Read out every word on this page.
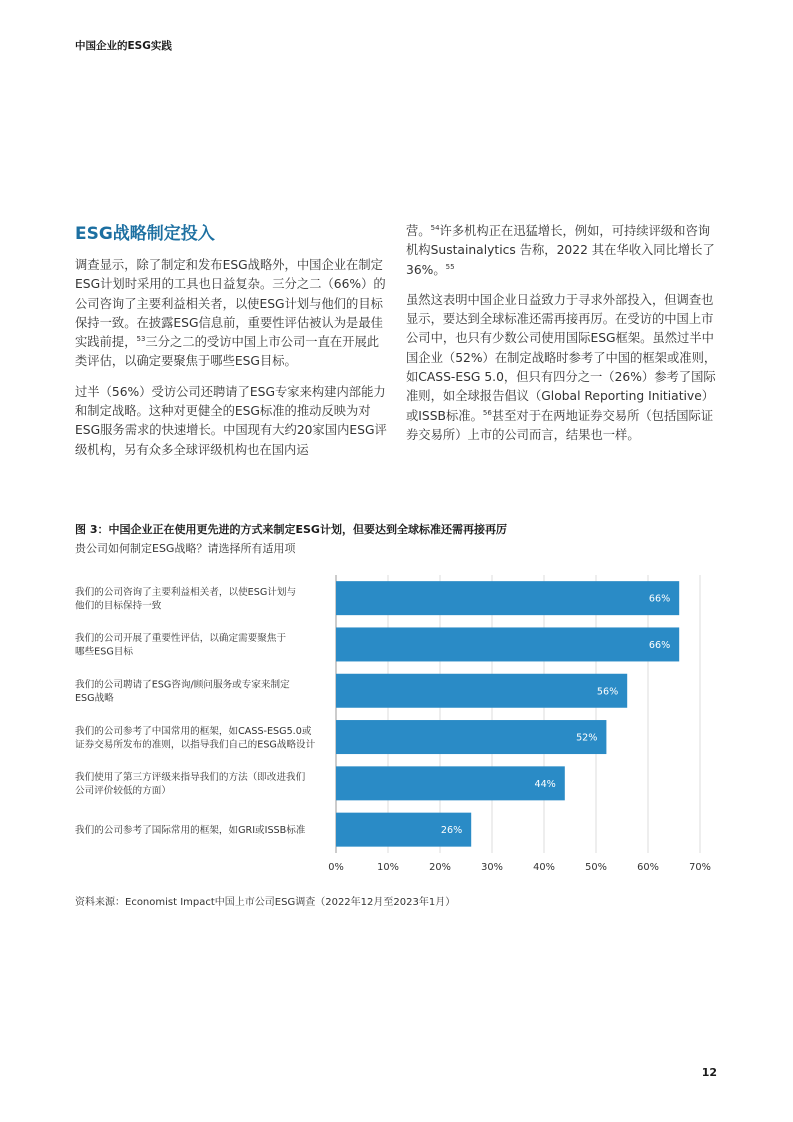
中国企业的ESG实践
ESG战略制定投入

调查显示，除了制定和发布ESG战略外，中国企业在制定ESG计划时采用的工具也日益复杂。三分之二（66%）的公司咨询了主要利益相关者，以使ESG计划与他们的目标保持一致。在披露ESG信息前，重要性评估被认为是最佳实践前提，$^{53}$三分之二的受访中国上市公司一直在开展此类评估，以确定要聚焦于哪些ESG目标。

过半（56%）受访公司还聘请了ESG专家来构建内部能力和制定战略。这种对更健全的ESG标准的推动反映为对ESG服务需求的快速增长。中国现有大约20家国内ESG评级机构，另有众多全球评级机构也在国内运

营。$^{54}$许多机构正在迅猛增长，例如，可持续评级和咨询机构Sustainalytics 告称，2022 其在华收入同比增长了36%。$^{55}$

虽然这表明中国企业日益致力于寻求外部投入，但调查也显示，要达到全球标准还需再接再厉。在受访的中国上市公司中，也只有少数公司使用国际ESG框架。虽然过半中国企业（52%）在制定战略时参考了中国的框架或准则，如CASS-ESG 5.0，但只有四分之一（26%）参考了国际准则，如全球报告倡议（Global Reporting Initiative）或ISSB标准。$^{56}$甚至对于在两地证券交易所（包括国际证券交易所）上市的公司而言，结果也一样。

图 3：中国企业正在使用更先进的方式来制定ESG计划，但要达到全球标准还需再接再厉
贵公司如何制定ESG战略？请选择所有适用项
66%
66%
56%
52%
44%
26%
我们的公司咨询了主要利益相关者，以使ESG计划与他们的目标保持一致
我们的公司开展了重要性评估，以确定需要聚焦于哪些ESG目标
我们的公司聘请了ESG咨询/顾问服务或专家来制定 ESG战略
我们的公司参考了中国常用的框架，如CASS-ESG5.0或证券交易所发布的准则，以指导我们自己的ESG战略设计
我们使用了第三方评级来指导我们的方法（即改进我们公司评价较低的方面）
我们的公司参考了国际常用的框架，如GRI或ISSB标准
0%	10%	20%	30%	40%	50%	60%	70%
资料来源：Economist Impact中国上市公司ESG调查（2022年12月至2023年1月）
12
